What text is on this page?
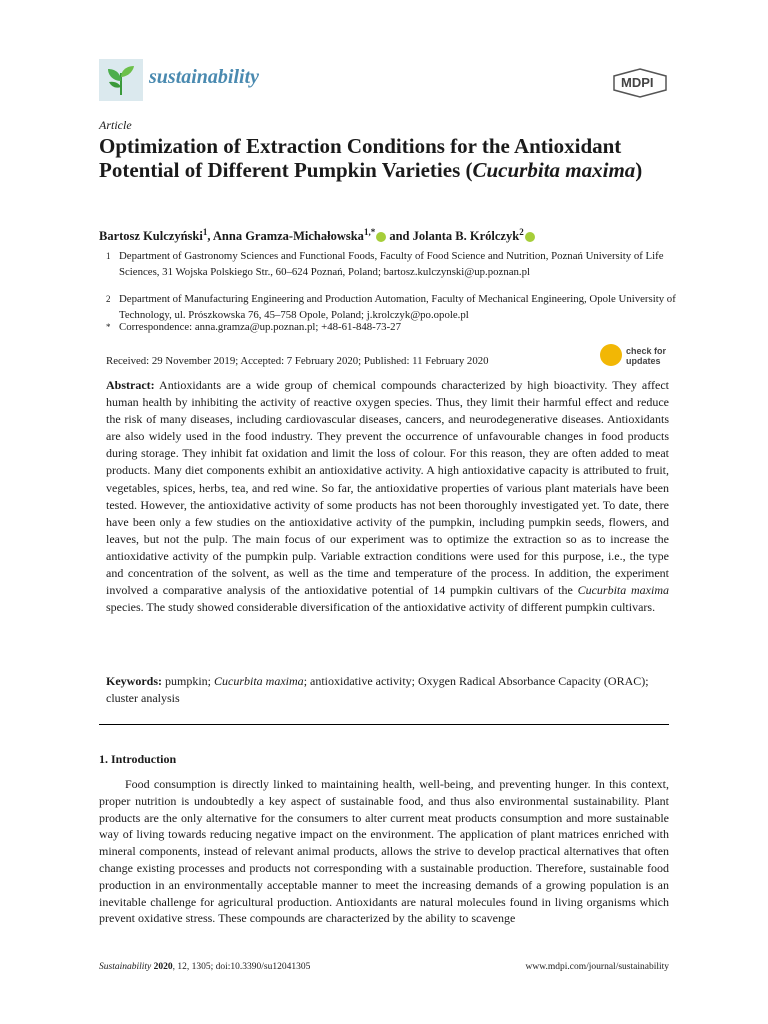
sustainability	MDPI
Article
Optimization of Extraction Conditions for the Antioxidant Potential of Different Pumpkin Varieties (Cucurbita maxima)
Bartosz Kulczyński$^1$, Anna Gramza-Michałowska$^{1,*}$ and Jolanta B. Królczyk$^2$
1 Department of Gastronomy Sciences and Functional Foods, Faculty of Food Science and Nutrition, Poznań University of Life Sciences, 31 Wojska Polskiego Str., 60–624 Poznań, Poland; bartosz.kulczynski@up.poznan.pl
2 Department of Manufacturing Engineering and Production Automation, Faculty of Mechanical Engineering, Opole University of Technology, ul. Prószkowska 76, 45–758 Opole, Poland; j.krolczyk@po.opole.pl
* Correspondence: anna.gramza@up.poznan.pl; +48-61-848-73-27
Received: 29 November 2019; Accepted: 7 February 2020; Published: 11 February 2020
check for
updates
Abstract: Antioxidants are a wide group of chemical compounds characterized by high bioactivity. They affect human health by inhibiting the activity of reactive oxygen species. Thus, they limit their harmful effect and reduce the risk of many diseases, including cardiovascular diseases, cancers, and neurodegenerative diseases. Antioxidants are also widely used in the food industry. They prevent the occurrence of unfavourable changes in food products during storage. They inhibit fat oxidation and limit the loss of colour. For this reason, they are often added to meat products. Many diet components exhibit an antioxidative activity. A high antioxidative capacity is attributed to fruit, vegetables, spices, herbs, tea, and red wine. So far, the antioxidative properties of various plant materials have been tested. However, the antioxidative activity of some products has not been thoroughly investigated yet. To date, there have been only a few studies on the antioxidative activity of the pumpkin, including pumpkin seeds, flowers, and leaves, but not the pulp. The main focus of our experiment was to optimize the extraction so as to increase the antioxidative activity of the pumpkin pulp. Variable extraction conditions were used for this purpose, i.e., the type and concentration of the solvent, as well as the time and temperature of the process. In addition, the experiment involved a comparative analysis of the antioxidative potential of 14 pumpkin cultivars of the Cucurbita maxima species. The study showed considerable diversification of the antioxidative activity of different pumpkin cultivars.
Keywords: pumpkin; Cucurbita maxima; antioxidative activity; Oxygen Radical Absorbance Capacity (ORAC); cluster analysis
1. Introduction
Food consumption is directly linked to maintaining health, well-being, and preventing hunger. In this context, proper nutrition is undoubtedly a key aspect of sustainable food, and thus also environmental sustainability. Plant products are the only alternative for the consumers to alter current meat products consumption and more sustainable way of living towards reducing negative impact on the environment. The application of plant matrices enriched with mineral components, instead of relevant animal products, allows the strive to develop practical alternatives that often change existing processes and products not corresponding with a sustainable production. Therefore, sustainable food production in an environmentally acceptable manner to meet the increasing demands of a growing population is an inevitable challenge for agricultural production. Antioxidants are natural molecules found in living organisms which prevent oxidative stress. These compounds are characterized by the ability to scavenge
Sustainability 2020, 12, 1305; doi:10.3390/su12041305	www.mdpi.com/journal/sustainability
